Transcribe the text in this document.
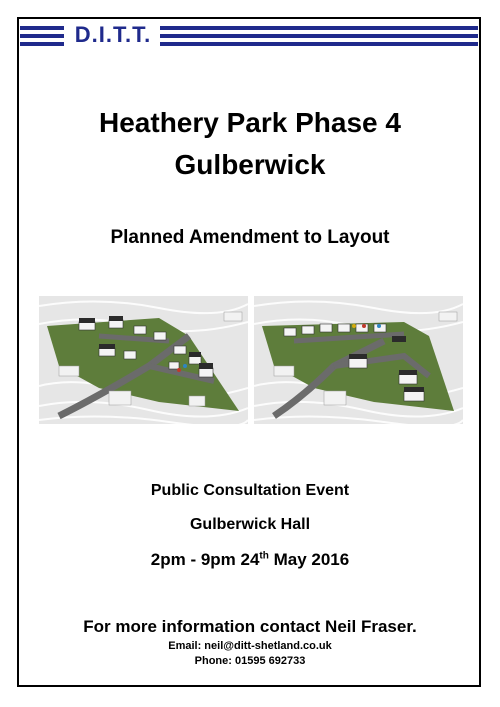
D.I.T.T.
Heathery Park Phase 4
Gulberwick
Planned Amendment to Layout
Public Consultation Event
Gulberwick Hall
2pm - 9pm 24th May 2016
For more information contact Neil Fraser.
Email: neil@ditt-shetland.co.uk
Phone: 01595 692733
